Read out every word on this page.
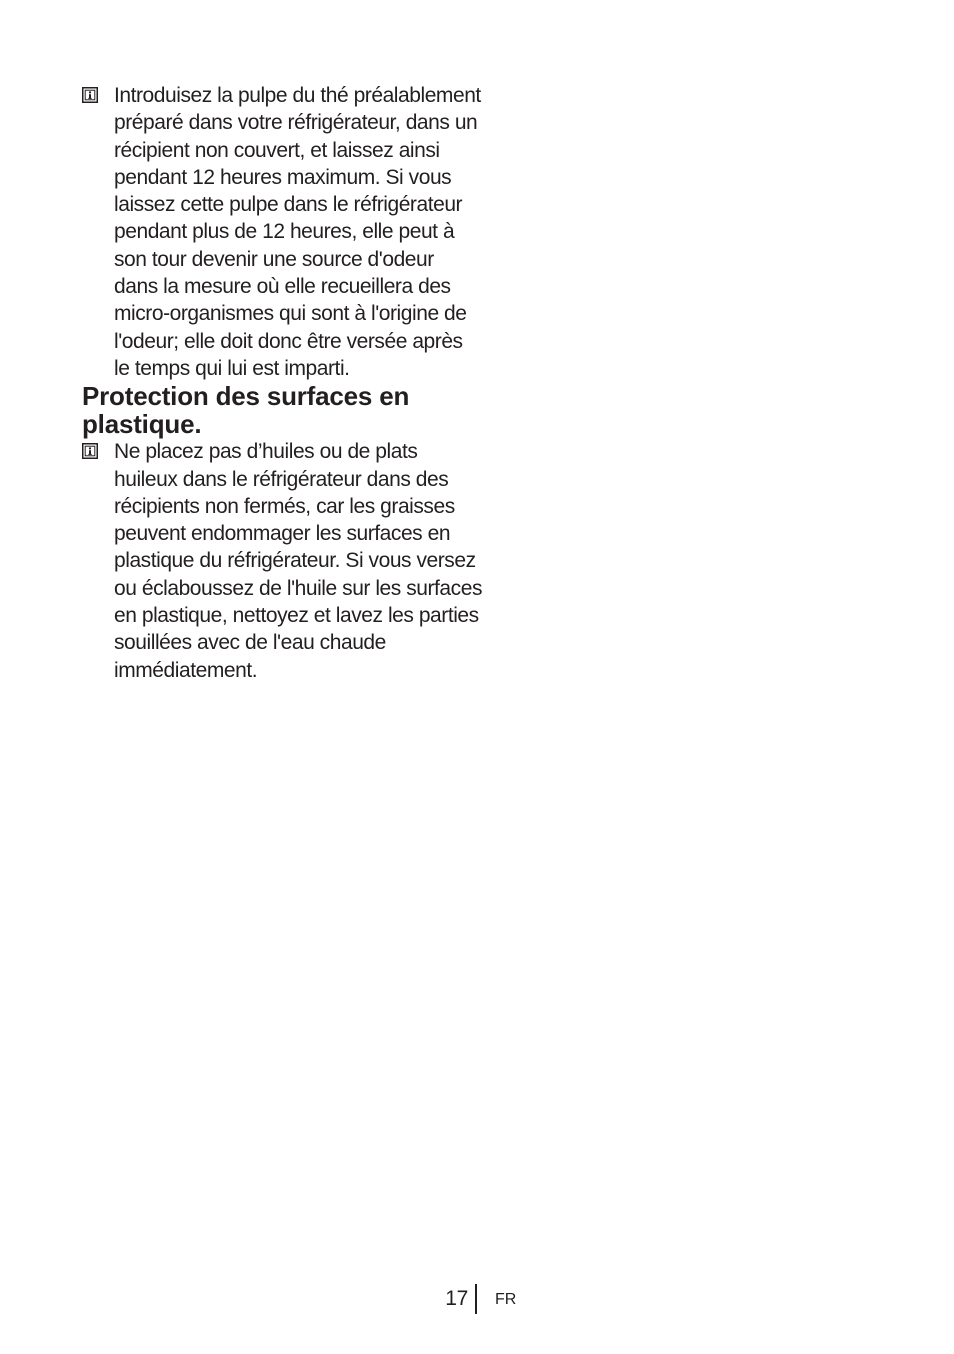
Introduisez la pulpe du thé préalablement préparé dans votre réfrigérateur, dans un récipient non couvert, et laissez ainsi pendant 12 heures maximum. Si vous laissez cette pulpe dans le réfrigérateur pendant plus de 12 heures, elle peut à son tour devenir une source d'odeur dans la mesure où elle recueillera des micro-organismes qui sont à l'origine de l'odeur; elle doit donc être versée après le temps qui lui est imparti.
Protection des surfaces en plastique.
Ne placez pas d’huiles ou de plats huileux dans le réfrigérateur dans des récipients non fermés, car les graisses peuvent endommager les surfaces en plastique du réfrigérateur. Si vous versez ou éclaboussez de l'huile sur les surfaces en plastique, nettoyez et lavez les parties souillées avec de l'eau chaude immédiatement.
17 FR
